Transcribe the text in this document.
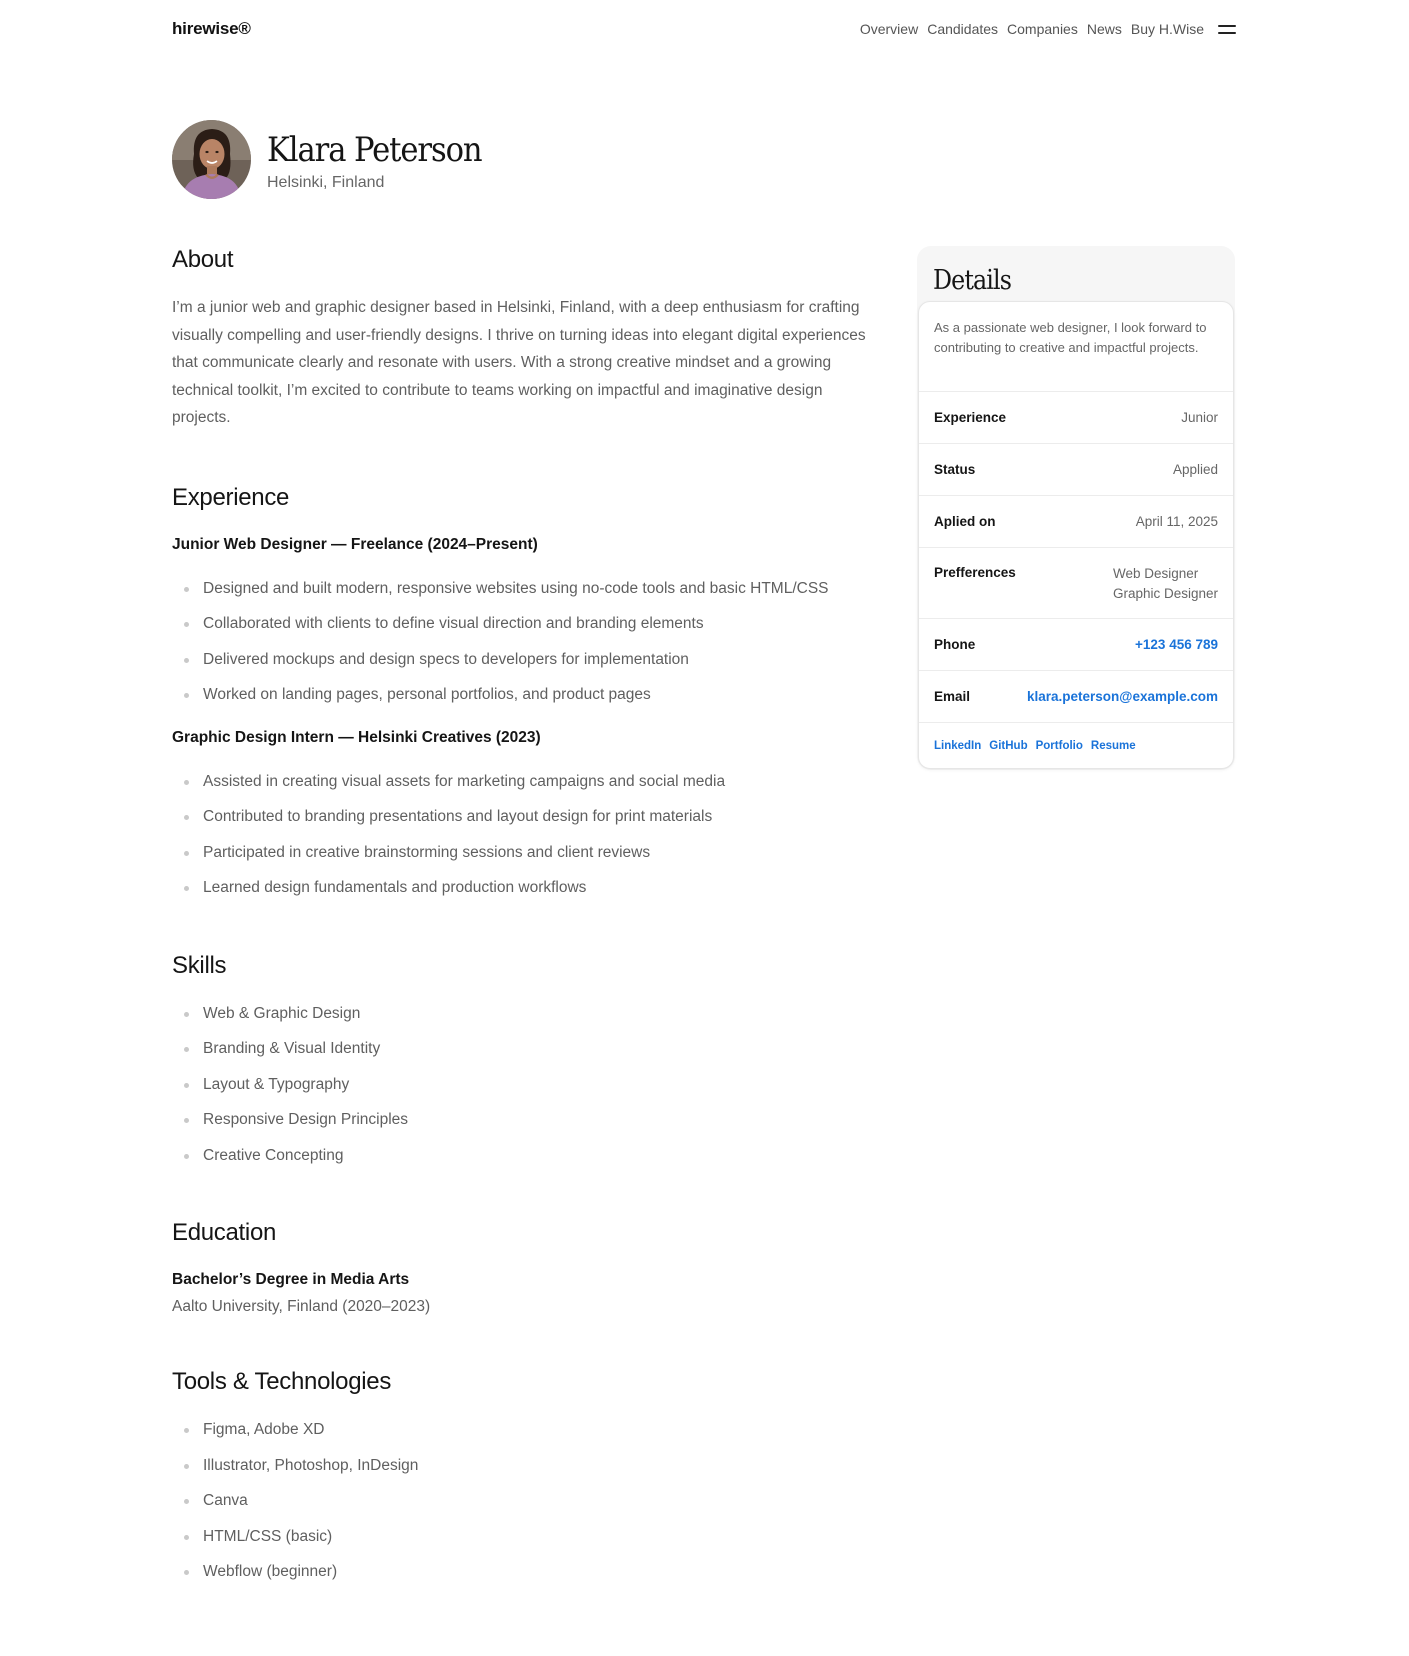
hirewise®	Overview Candidates Companies News Buy H.Wise
Klara Peterson
Helsinki, Finland
About

I’m a junior web and graphic designer based in Helsinki, Finland, with a deep enthusiasm for crafting visually compelling and user-friendly designs. I thrive on turning ideas into elegant digital experiences that communicate clearly and resonate with users. With a strong creative mindset and a growing technical toolkit, I’m excited to contribute to teams working on impactful and imaginative design projects.

Experience
Junior Web Designer — Freelance (2024–Present)
Designed and built modern, responsive websites using no-code tools and basic HTML/CSS
Collaborated with clients to define visual direction and branding elements
Delivered mockups and design specs to developers for implementation
Worked on landing pages, personal portfolios, and product pages
Graphic Design Intern — Helsinki Creatives (2023)
Assisted in creating visual assets for marketing campaigns and social media
Contributed to branding presentations and layout design for print materials
Participated in creative brainstorming sessions and client reviews
Learned design fundamentals and production workflows
Skills
Web & Graphic Design
Branding & Visual Identity
Layout & Typography
Responsive Design Principles
Creative Concepting
Education
Bachelor’s Degree in Media Arts
Aalto University, Finland (2020–2023)
Tools & Technologies
Figma, Adobe XD
Illustrator, Photoshop, InDesign
Canva
HTML/CSS (basic)
Webflow (beginner)
Details
As a passionate web designer, I look forward to contributing to creative and impactful projects.
Experience	Junior
Status	Applied
Aplied on	April 11, 2025
Prefferences	Web Designer
Graphic Designer
Phone	+123 456 789
Email	klara.peterson@example.com
LinkedIn GitHub Portfolio Resume
